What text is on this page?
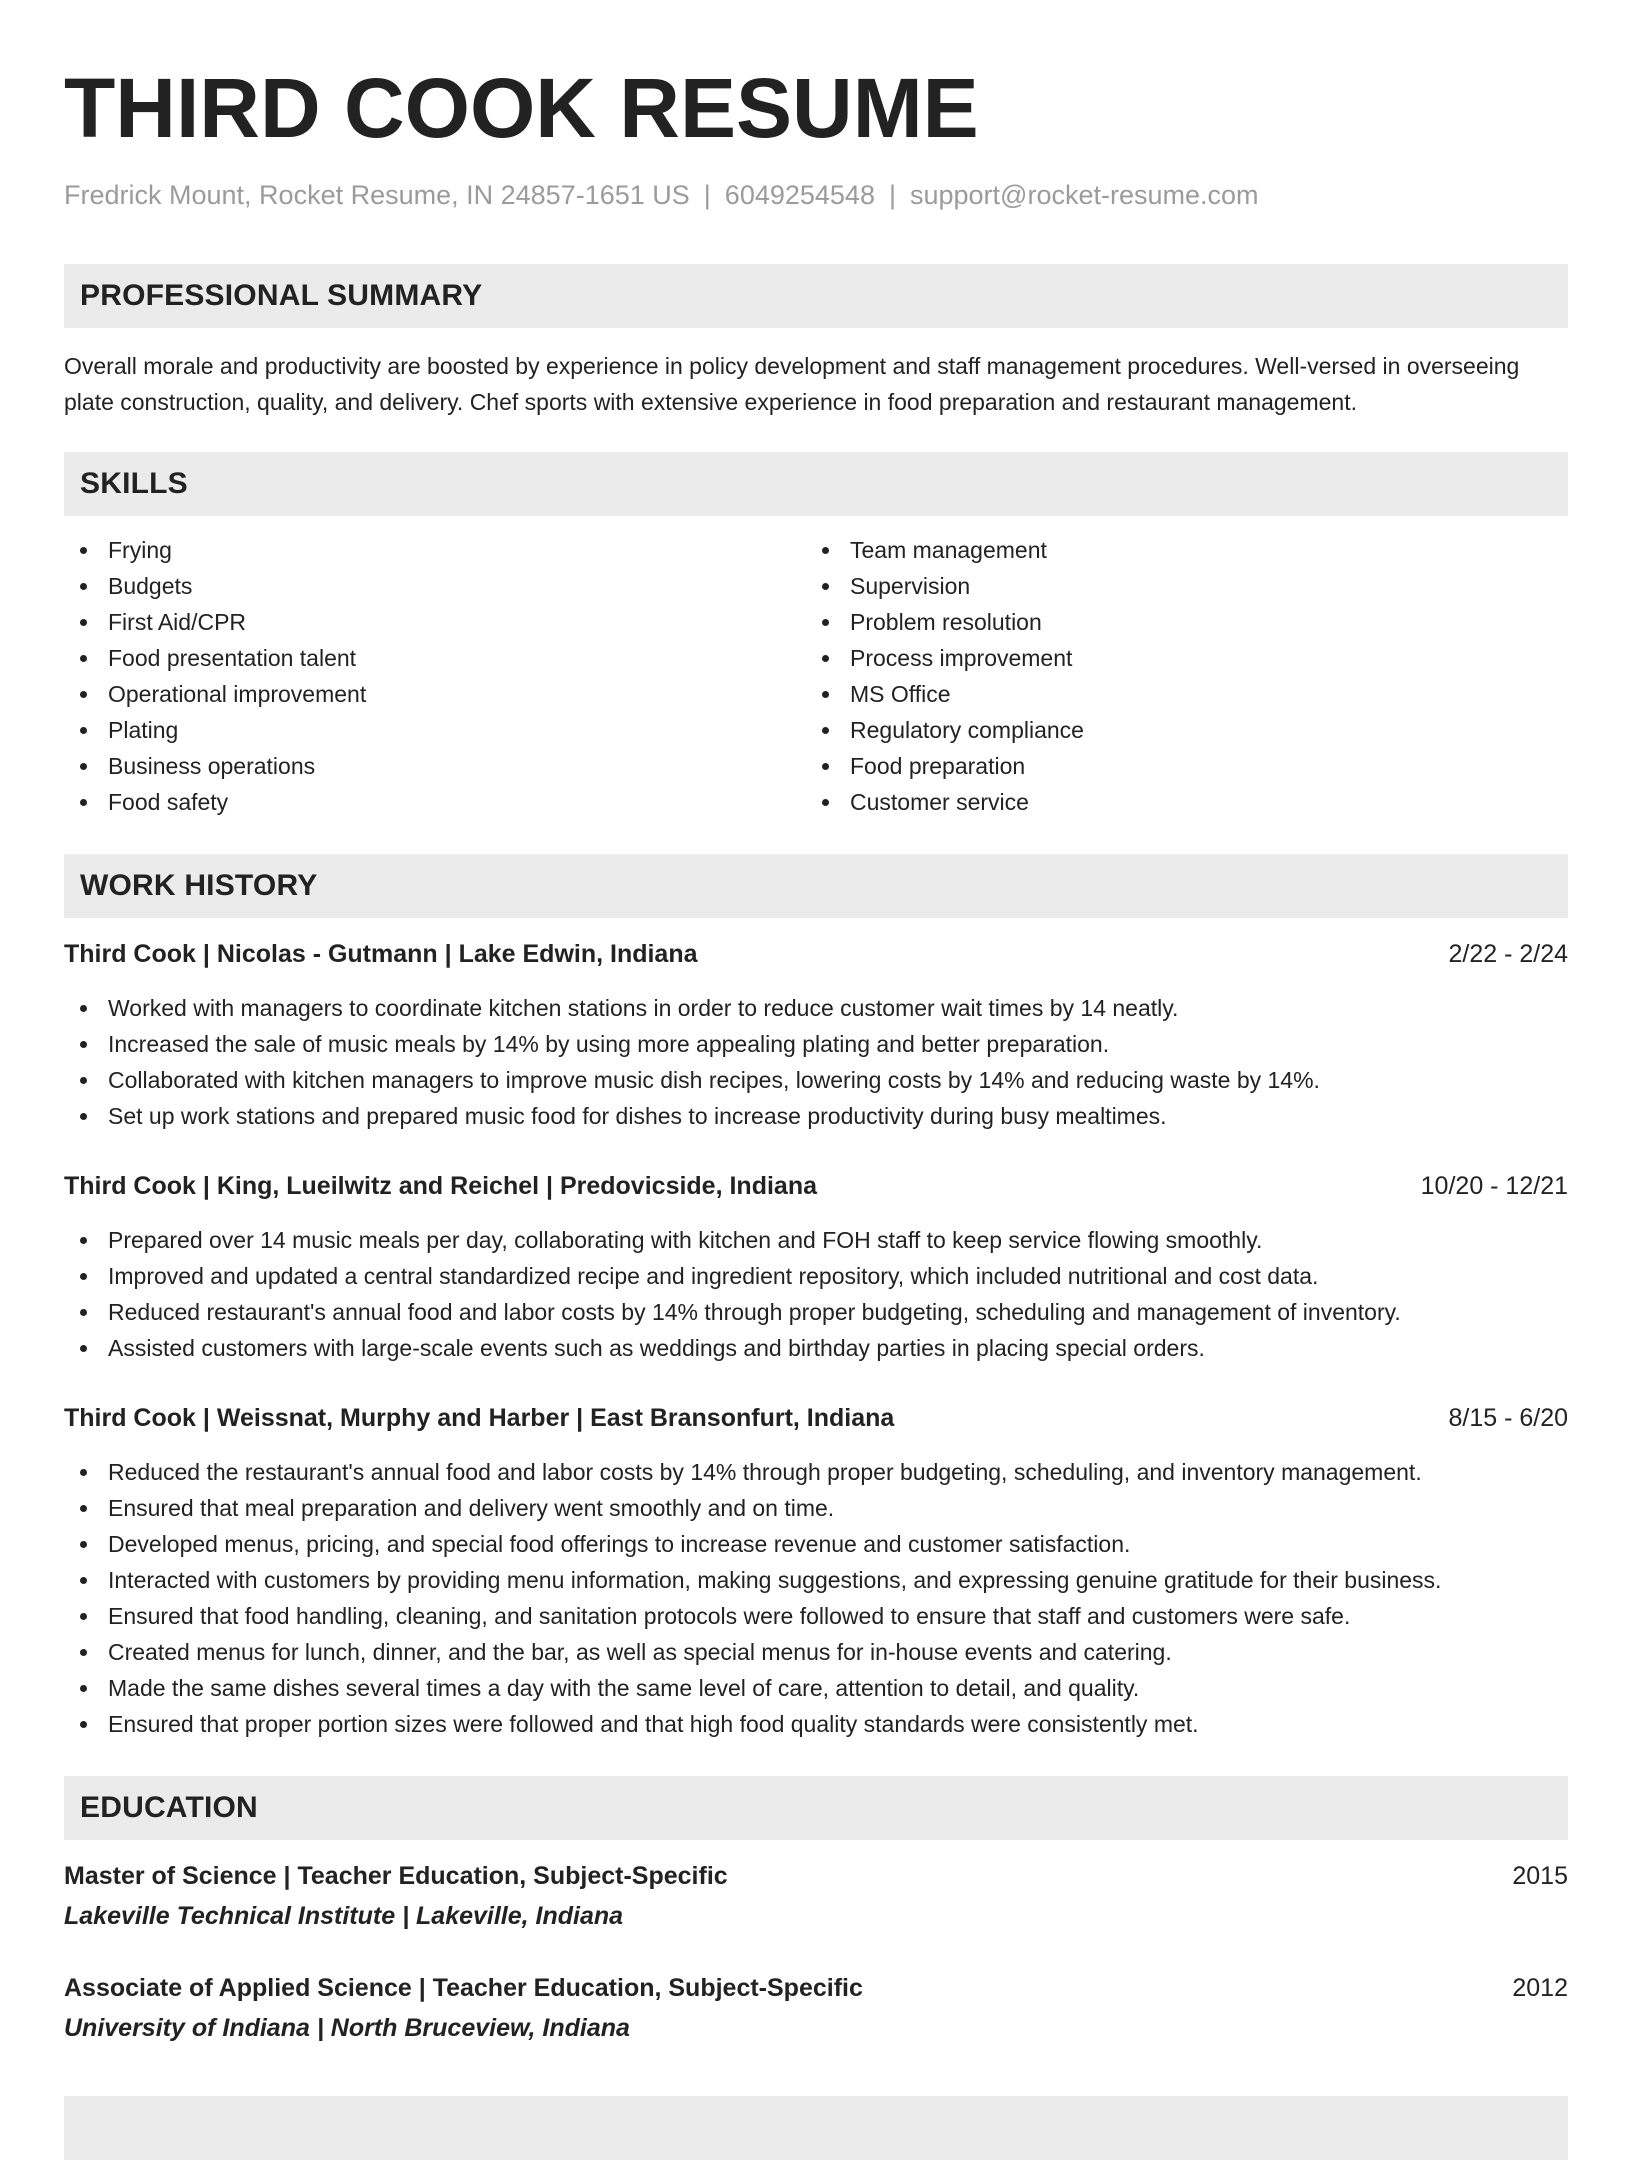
THIRD COOK RESUME
Fredrick Mount, Rocket Resume, IN 24857-1651 US | 6049254548 | support@rocket-resume.com
PROFESSIONAL SUMMARY

Overall morale and productivity are boosted by experience in policy development and staff management procedures. Well-versed in overseeing plate construction, quality, and delivery. Chef sports with extensive experience in food preparation and restaurant management.

SKILLS
Frying
Budgets
First Aid/CPR
Food presentation talent
Operational improvement
Plating
Business operations
Food safety
Team management
Supervision
Problem resolution
Process improvement
MS Office
Regulatory compliance
Food preparation
Customer service
WORK HISTORY
Third Cook | Nicolas - Gutmann | Lake Edwin, Indiana	2/22 - 2/24
Worked with managers to coordinate kitchen stations in order to reduce customer wait times by 14 neatly.
Increased the sale of music meals by 14% by using more appealing plating and better preparation.
Collaborated with kitchen managers to improve music dish recipes, lowering costs by 14% and reducing waste by 14%.
Set up work stations and prepared music food for dishes to increase productivity during busy mealtimes.
Third Cook | King, Lueilwitz and Reichel | Predovicside, Indiana	10/20 - 12/21
Prepared over 14 music meals per day, collaborating with kitchen and FOH staff to keep service flowing smoothly.
Improved and updated a central standardized recipe and ingredient repository, which included nutritional and cost data.
Reduced restaurant's annual food and labor costs by 14% through proper budgeting, scheduling and management of inventory.
Assisted customers with large-scale events such as weddings and birthday parties in placing special orders.
Third Cook | Weissnat, Murphy and Harber | East Bransonfurt, Indiana	8/15 - 6/20
Reduced the restaurant's annual food and labor costs by 14% through proper budgeting, scheduling, and inventory management.
Ensured that meal preparation and delivery went smoothly and on time.
Developed menus, pricing, and special food offerings to increase revenue and customer satisfaction.
Interacted with customers by providing menu information, making suggestions, and expressing genuine gratitude for their business.
Ensured that food handling, cleaning, and sanitation protocols were followed to ensure that staff and customers were safe.
Created menus for lunch, dinner, and the bar, as well as special menus for in-house events and catering.
Made the same dishes several times a day with the same level of care, attention to detail, and quality.
Ensured that proper portion sizes were followed and that high food quality standards were consistently met.
EDUCATION
Master of Science | Teacher Education, Subject-Specific	2015
Lakeville Technical Institute | Lakeville, Indiana
Associate of Applied Science | Teacher Education, Subject-Specific	2012
University of Indiana | North Bruceview, Indiana
